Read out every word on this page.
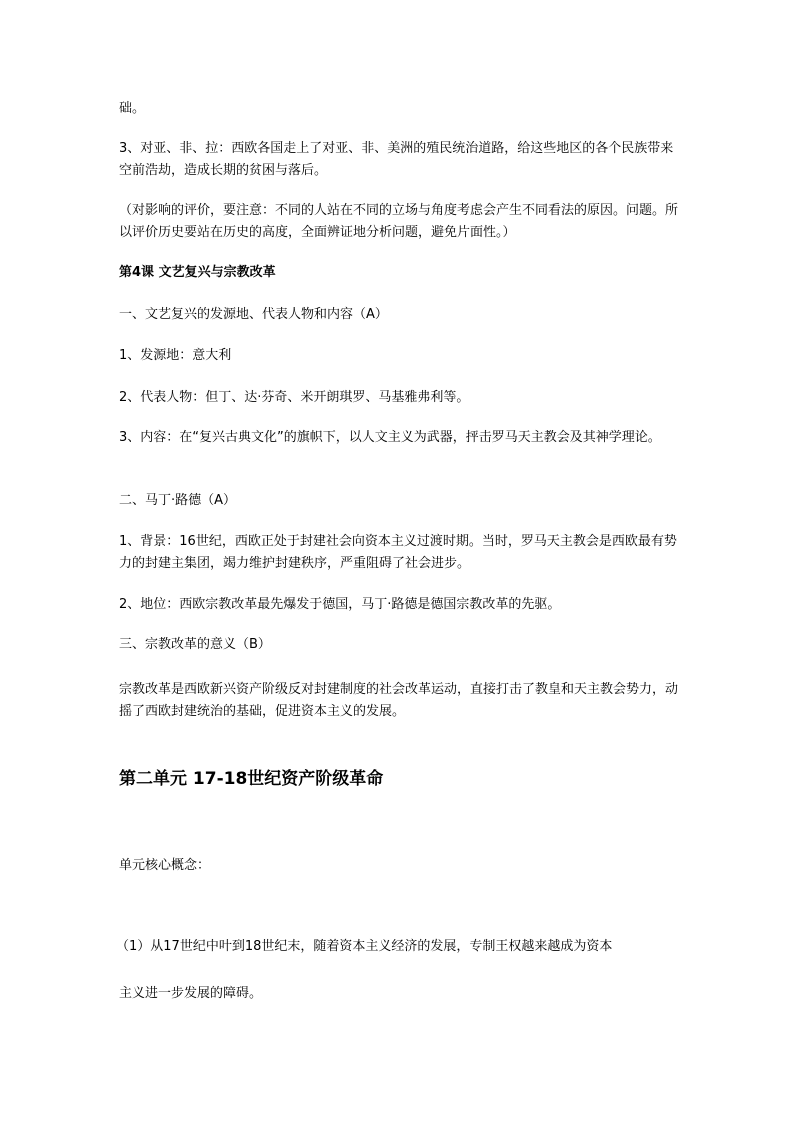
础。

3、对亚、非、拉：西欧各国走上了对亚、非、美洲的殖民统治道路，给这些地区的各个民族带来空前浩劫，造成长期的贫困与落后。

（对影响的评价，要注意：不同的人站在不同的立场与角度考虑会产生不同看法的原因。问题。所以评价历史要站在历史的高度，全面辨证地分析问题，避免片面性。）

第4课 文艺复兴与宗教改革

一、文艺复兴的发源地、代表人物和内容（A）

1、发源地：意大利

2、代表人物：但丁、达·芬奇、米开朗琪罗、马基雅弗利等。

3、内容：在“复兴古典文化”的旗帜下，以人文主义为武器，抨击罗马天主教会及其神学理论。

二、马丁·路德（A）

1、背景：16世纪，西欧正处于封建社会向资本主义过渡时期。当时，罗马天主教会是西欧最有势力的封建主集团，竭力维护封建秩序，严重阻碍了社会进步。

2、地位：西欧宗教改革最先爆发于德国，马丁·路德是德国宗教改革的先驱。

三、宗教改革的意义（B）

宗教改革是西欧新兴资产阶级反对封建制度的社会改革运动，直接打击了教皇和天主教会势力，动摇了西欧封建统治的基础，促进资本主义的发展。

第二单元 17-18世纪资产阶级革命

单元核心概念：

（1）从17世纪中叶到18世纪末，随着资本主义经济的发展，专制王权越来越成为资本

主义进一步发展的障碍。
